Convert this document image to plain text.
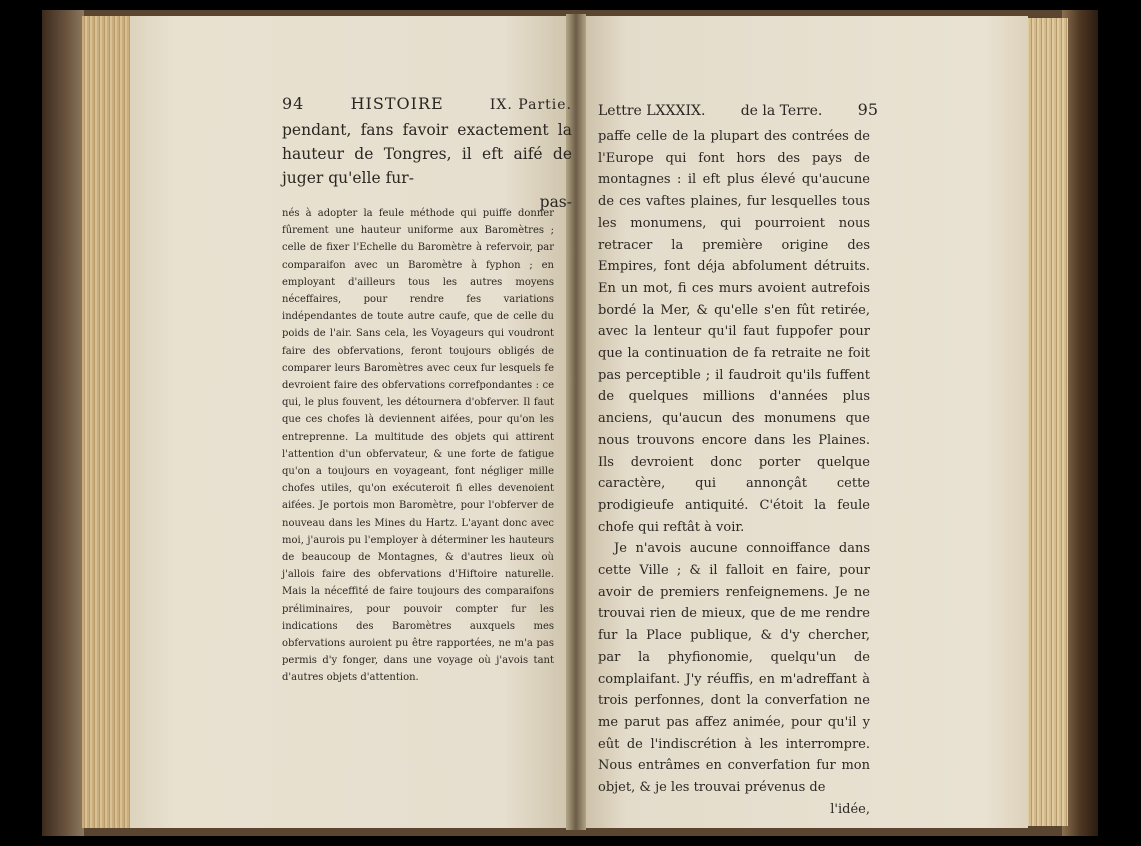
94	HISTOIRE	IX. Partie.
pendant, fans favoir exactement la hauteur de Tongres, il eft aifé de juger qu'elle fur-
pas-

nés à adopter la feule méthode qui puiffe donner fûrement une hauteur uniforme aux Baromètres ; celle de fixer l'Echelle du Baromètre à refervoir, par comparaifon avec un Baromètre à fyphon ; en employant d'ailleurs tous les autres moyens néceffaires, pour rendre fes variations indépendantes de toute autre caufe, que de celle du poids de l'air. Sans cela, les Voyageurs qui voudront faire des obfervations, feront toujours obligés de comparer leurs Baromètres avec ceux fur lesquels fe devroient faire des obfervations correfpondantes : ce qui, le plus fouvent, les détournera d'obferver. Il faut que ces chofes là deviennent aifées, pour qu'on les entreprenne. La multitude des objets qui attirent l'attention d'un obfervateur, & une forte de fatigue qu'on a toujours en voyageant, font négliger mille chofes utiles, qu'on exécuteroit fi elles devenoient aifées. Je portois mon Baromètre, pour l'obferver de nouveau dans les Mines du Hartz. L'ayant donc avec moi, j'aurois pu l'employer à déterminer les hauteurs de beaucoup de Montagnes, & d'autres lieux où j'allois faire des obfervations d'Hiftoire naturelle. Mais la néceffité de faire toujours des comparaifons préliminaires, pour pouvoir compter fur les indications des Baromètres auxquels mes obfervations auroient pu être rapportées, ne m'a pas permis d'y fonger, dans une voyage où j'avois tant d'autres objets d'attention.

Lettre LXXXIX.	de la Terre. 95

paffe celle de la plupart des contrées de l'Europe qui font hors des pays de montagnes : il eft plus élevé qu'aucune de ces vaftes plaines, fur lesquelles tous les monumens, qui pourroient nous retracer la première origine des Empires, font déja abfolument détruits. En un mot, fi ces murs avoient autrefois bordé la Mer, & qu'elle s'en fût retirée, avec la lenteur qu'il faut fuppofer pour que la continuation de fa retraite ne foit pas perceptible ; il faudroit qu'ils fuffent de quelques millions d'années plus anciens, qu'aucun des monumens que nous trouvons encore dans les Plaines. Ils devroient donc porter quelque caractère, qui annonçât cette prodigieufe antiquité. C'étoit la feule chofe qui reftât à voir.

Je n'avois aucune connoiffance dans cette Ville ; & il falloit en faire, pour avoir de premiers renfeignemens. Je ne trouvai rien de mieux, que de me rendre fur la Place publique, & d'y chercher, par la phyfionomie, quelqu'un de complaifant. J'y réuffis, en m'adreffant à trois perfonnes, dont la converfation ne me parut pas affez animée, pour qu'il y eût de l'indiscrétion à les interrompre. Nous entrâmes en converfation fur mon objet, & je les trouvai prévenus de

l'idée,
